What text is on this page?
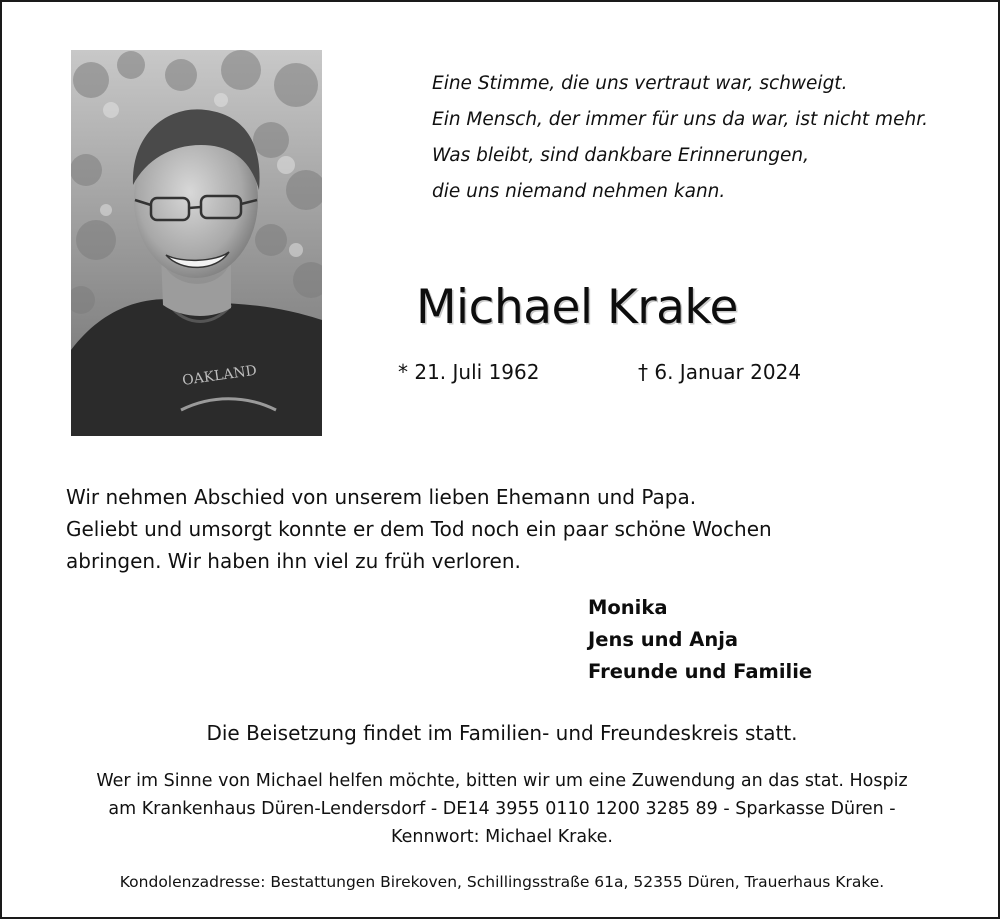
OAKLAND
Eine Stimme, die uns vertraut war, schweigt.
Ein Mensch, der immer für uns da war, ist nicht mehr.
Was bleibt, sind dankbare Erinnerungen,
die uns niemand nehmen kann.
Michael Krake
* 21. Juli 1962	† 6. Januar 2024
Wir nehmen Abschied von unserem lieben Ehemann und Papa.
Geliebt und umsorgt konnte er dem Tod noch ein paar schöne Wochen
abringen. Wir haben ihn viel zu früh verloren.
Monika
Jens und Anja
Freunde und Familie
Die Beisetzung findet im Familien- und Freundeskreis statt.
Wer im Sinne von Michael helfen möchte, bitten wir um eine Zuwendung an das stat. Hospiz
am Krankenhaus Düren-Lendersdorf - DE14 3955 0110 1200 3285 89 - Sparkasse Düren -
Kennwort: Michael Krake.
Kondolenzadresse: Bestattungen Birekoven, Schillingsstraße 61a, 52355 Düren, Trauerhaus Krake.
